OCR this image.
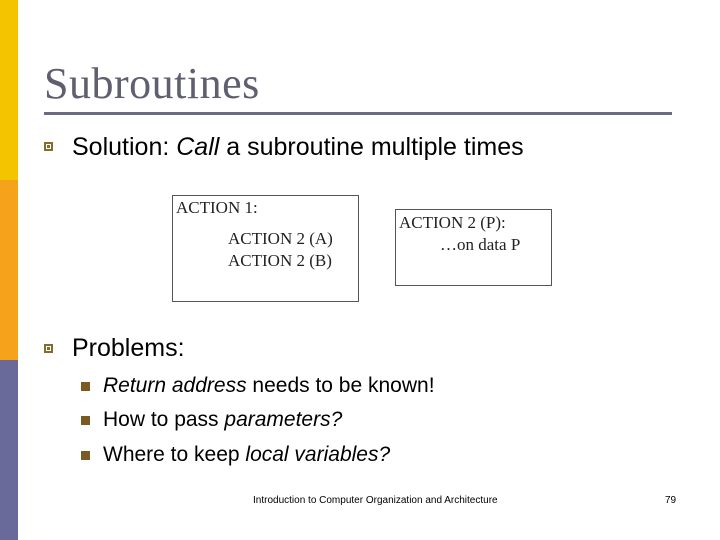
Subroutines
Solution: Call a subroutine multiple times
ACTION 1:
ACTION 2 (A)
ACTION 2 (B)
ACTION 2 (P):
…on data P
Problems:
Return address needs to be known!
How to pass parameters?
Where to keep local variables?
Introduction to Computer Organization and Architecture	79
